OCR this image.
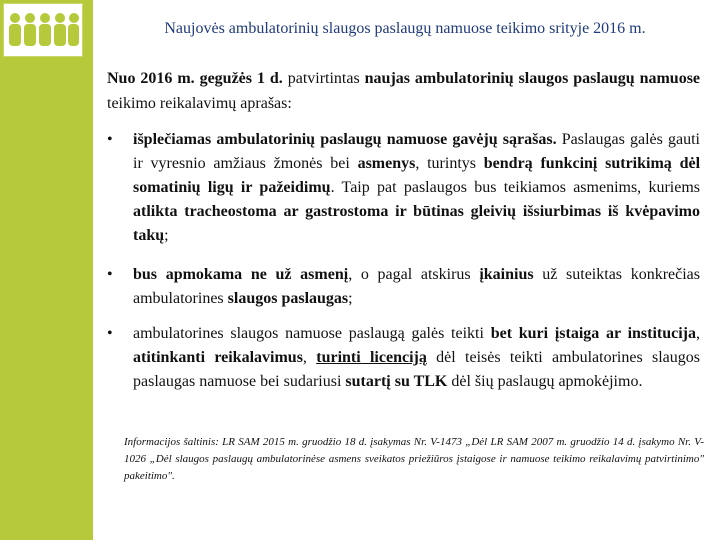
Naujovės ambulatorinių slaugos paslaugų namuose teikimo srityje 2016 m.
Nuo 2016 m. gegužės 1 d. patvirtintas naujas ambulatorinių slaugos paslaugų namuose teikimo reikalavimų aprašas:
• išplečiamas ambulatorinių paslaugų namuose gavėjų sąrašas. Paslaugas galės gauti ir vyresnio amžiaus žmonės bei asmenys, turintys bendrą funkcinį sutrikimą dėl somatinių ligų ir pažeidimų. Taip pat paslaugos bus teikiamos asmenims, kuriems atlikta tracheostoma ar gastrostoma ir būtinas gleivių išsiurbimas iš kvėpavimo takų;
• bus apmokama ne už asmenį, o pagal atskirus įkainius už suteiktas konkrečias ambulatorines slaugos paslaugas;
• ambulatorines slaugos namuose paslaugą galės teikti bet kuri įstaiga ar institucija, atitinkanti reikalavimus, turinti licenciją dėl teisės teikti ambulatorines slaugos paslaugas namuose bei sudariusi sutartį su TLK dėl šių paslaugų apmokėjimo.
Informacijos šaltinis: LR SAM 2015 m. gruodžio 18 d. įsakymas Nr. V-1473 „Dėl LR SAM 2007 m. gruodžio 14 d. įsakymo Nr. V-1026 „Dėl slaugos paslaugų ambulatorinėse asmens sveikatos priežiūros įstaigose ir namuose teikimo reikalavimų patvirtinimo" pakeitimo".
